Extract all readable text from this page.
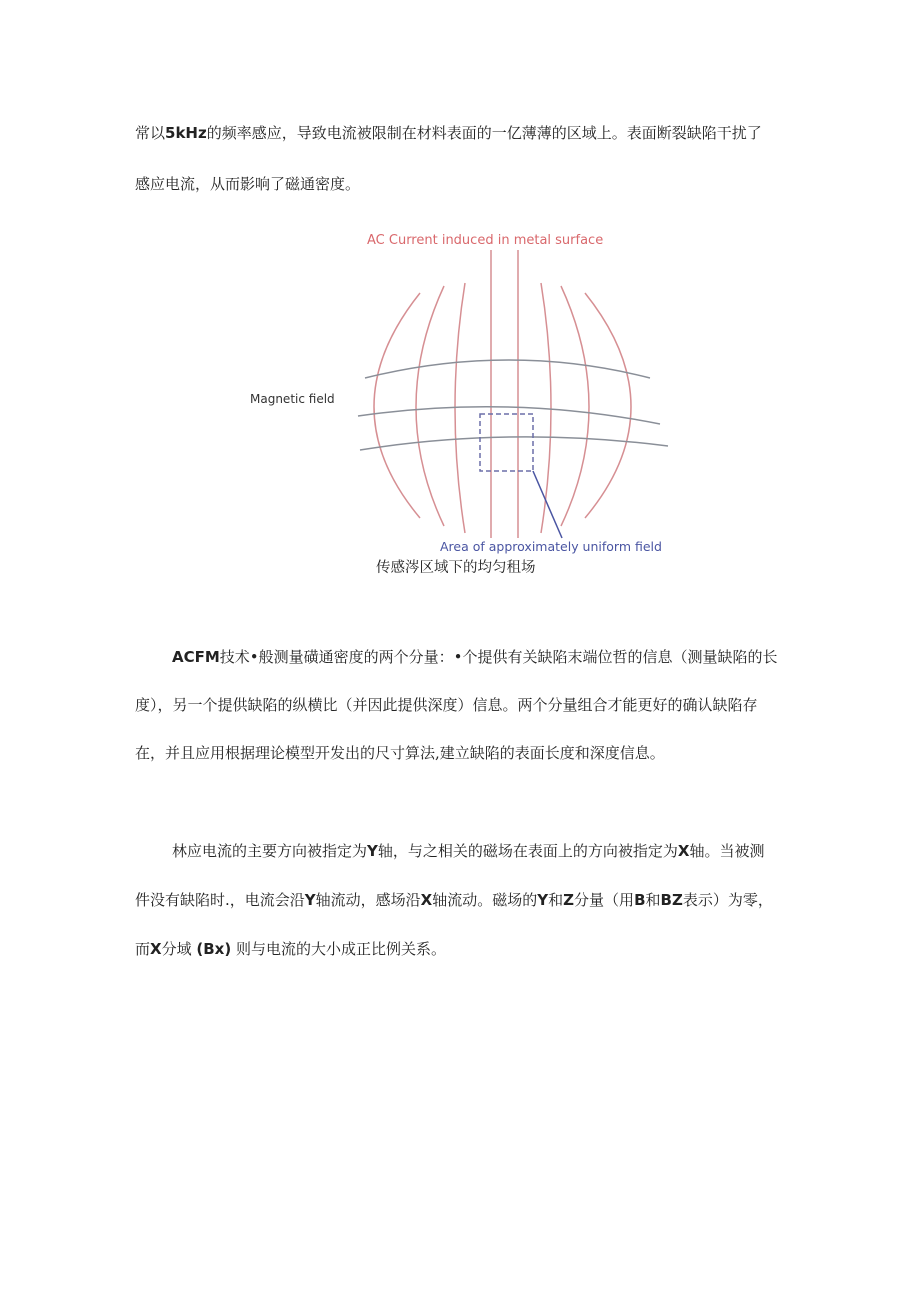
常以5kHz的频率感应，导致电流被限制在材料表面的一亿薄薄的区域上。表面断裂缺陷干扰了
感应电流，从而影响了磁通密度。
AC Current induced in metal surface
Magnetic field
Area of approximately uniform field
传感涔区域下的均匀租场
ACFM技术•般测量磺通密度的两个分量：•个提供有关缺陷末端位哲的信息（测量缺陷的长
度），另一个提供缺陷的纵横比（并因此提供深度）信息。两个分量组合才能更好的确认缺陷存
在，并且应用根据理论模型开发出的尺寸算法,建立缺陷的表面长度和深度信息。
林应电流的主要方向被指定为Y轴，与之相关的磁场在表面上的方向被指定为X轴。当被测
件没有缺陷时.，电流会沿Y轴流动，感场沿X轴流动。磁场的Y和Z分量（用B和BZ表示）为零，
而X分域 (Bx) 则与电流的大小成正比例关系。
